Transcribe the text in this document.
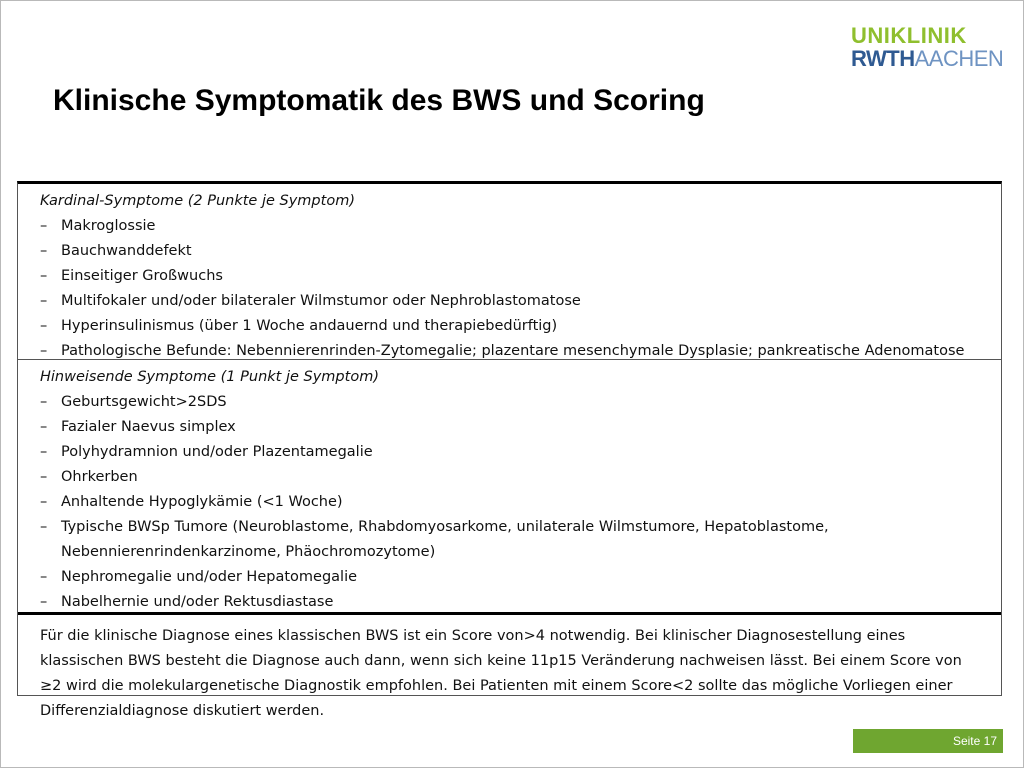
UNIKLINIK
RWTHAACHEN
Klinische Symptomatik des BWS und Scoring
Kardinal-Symptome (2 Punkte je Symptom)
– Makroglossie
– Bauchwanddefekt
– Einseitiger Großwuchs
– Multifokaler und/oder bilateraler Wilmstumor oder Nephroblastomatose
– Hyperinsulinismus (über 1 Woche andauernd und therapiebedürftig)
– Pathologische Befunde: Nebennierenrinden-Zytomegalie; plazentare mesenchymale Dysplasie; pankreatische Adenomatose
Hinweisende Symptome (1 Punkt je Symptom)
– Geburtsgewicht>2SDS
– Fazialer Naevus simplex
– Polyhydramnion und/oder Plazentamegalie
– Ohrkerben
– Anhaltende Hypoglykämie (<1 Woche)
– Typische BWSp Tumore (Neuroblastome, Rhabdomyosarkome, unilaterale Wilmstumore, Hepatoblastome, Nebennierenrindenkarzinome, Phäochromozytome)
– Nephromegalie und/oder Hepatomegalie
– Nabelhernie und/oder Rektusdiastase

Für die klinische Diagnose eines klassischen BWS ist ein Score von>4 notwendig. Bei klinischer Diagnosestellung eines klassischen BWS besteht die Diagnose auch dann, wenn sich keine 11p15 Veränderung nachweisen lässt. Bei einem Score von ≥2 wird die molekulargenetische Diagnostik empfohlen. Bei Patienten mit einem Score<2 sollte das mögliche Vorliegen einer Differenzialdiagnose diskutiert werden.

Seite 17
